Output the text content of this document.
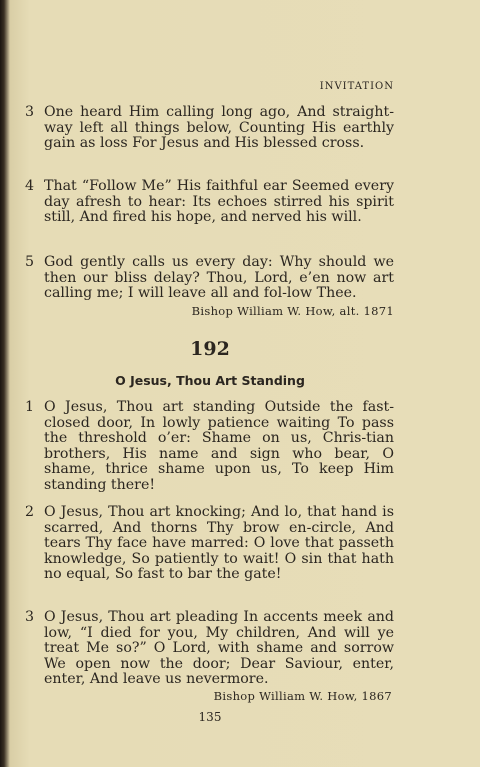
INVITATION
3 One heard Him calling long ago, And straight-way left all things below, Counting His earthly gain as loss For Jesus and His blessed cross.
4 That “Follow Me” His faithful ear Seemed every day afresh to hear: Its echoes stirred his spirit still, And fired his hope, and nerved his will.
5 God gently calls us every day: Why should we then our bliss delay? Thou, Lord, e’en now art calling me; I will leave all and fol-low Thee.
Bishop William W. How, alt. 1871
192
O Jesus, Thou Art Standing
1 O Jesus, Thou art standing Outside the fast-closed door, In lowly patience waiting To pass the threshold o’er: Shame on us, Chris-tian brothers, His name and sign who bear, O shame, thrice shame upon us, To keep Him standing there!
2 O Jesus, Thou art knocking; And lo, that hand is scarred, And thorns Thy brow en-circle, And tears Thy face have marred: O love that passeth knowledge, So patiently to wait! O sin that hath no equal, So fast to bar the gate!
3 O Jesus, Thou art pleading In accents meek and low, “I died for you, My children, And will ye treat Me so?” O Lord, with shame and sorrow We open now the door; Dear Saviour, enter, enter, And leave us nevermore.
Bishop William W. How, 1867
135
